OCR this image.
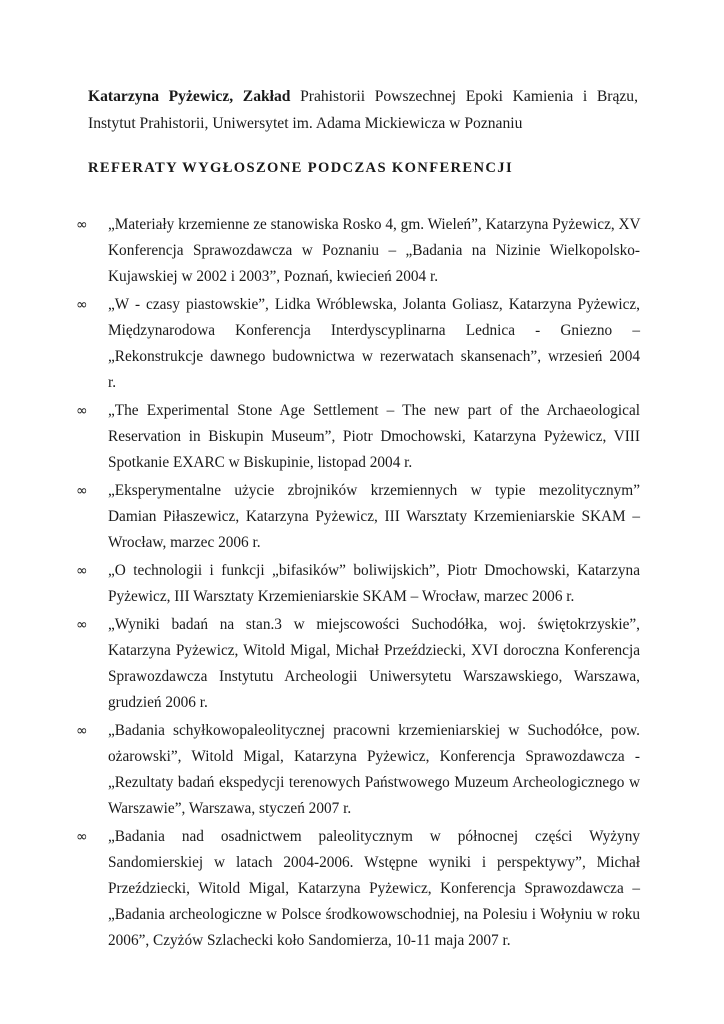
Katarzyna Pyżewicz, Zakład Prahistorii Powszechnej Epoki Kamienia i Brązu, Instytut Prahistorii, Uniwersytet im. Adama Mickiewicza w Poznaniu

REFERATY WYGŁOSZONE PODCZAS KONFERENCJI
∞ „Materiały krzemienne ze stanowiska Rosko 4, gm. Wieleń”, Katarzyna Pyżewicz, XV
Konferencja Sprawozdawcza w Poznaniu – „Badania na Nizinie Wielkopolsko-
Kujawskiej w 2002 i 2003”, Poznań, kwiecień 2004 r.
∞ „W - czasy piastowskie”, Lidka Wróblewska, Jolanta Goliasz, Katarzyna Pyżewicz,
Międzynarodowa Konferencja Interdyscyplinarna Lednica - Gniezno –
„Rekonstrukcje dawnego budownictwa w rezerwatach skansenach”, wrzesień 2004
r.
∞ „The Experimental Stone Age Settlement – The new part of the Archaeological
Reservation in Biskupin Museum”, Piotr Dmochowski, Katarzyna Pyżewicz, VIII
Spotkanie EXARC w Biskupinie, listopad 2004 r.
∞ „Eksperymentalne użycie zbrojników krzemiennych w typie mezolitycznym”
Damian Piłaszewicz, Katarzyna Pyżewicz, III Warsztaty Krzemieniarskie SKAM –
Wrocław, marzec 2006 r.
∞ „O technologii i funkcji „bifasików” boliwijskich”, Piotr Dmochowski, Katarzyna
Pyżewicz, III Warsztaty Krzemieniarskie SKAM – Wrocław, marzec 2006 r.
∞ „Wyniki badań na stan.3 w miejscowości Suchodółka, woj. świętokrzyskie”,
Katarzyna Pyżewicz, Witold Migal, Michał Przeździecki, XVI doroczna Konferencja
Sprawozdawcza Instytutu Archeologii Uniwersytetu Warszawskiego, Warszawa,
grudzień 2006 r.
∞ „Badania schyłkowopaleolitycznej pracowni krzemieniarskiej w Suchodółce, pow.
ożarowski”, Witold Migal, Katarzyna Pyżewicz, Konferencja Sprawozdawcza -
„Rezultaty badań ekspedycji terenowych Państwowego Muzeum Archeologicznego w
Warszawie”, Warszawa, styczeń 2007 r.
∞ „Badania nad osadnictwem paleolitycznym w północnej części Wyżyny
Sandomierskiej w latach 2004-2006. Wstępne wyniki i perspektywy”, Michał
Przeździecki, Witold Migal, Katarzyna Pyżewicz, Konferencja Sprawozdawcza –
„Badania archeologiczne w Polsce środkowowschodniej, na Polesiu i Wołyniu w roku
2006”, Czyżów Szlachecki koło Sandomierza, 10-11 maja 2007 r.
